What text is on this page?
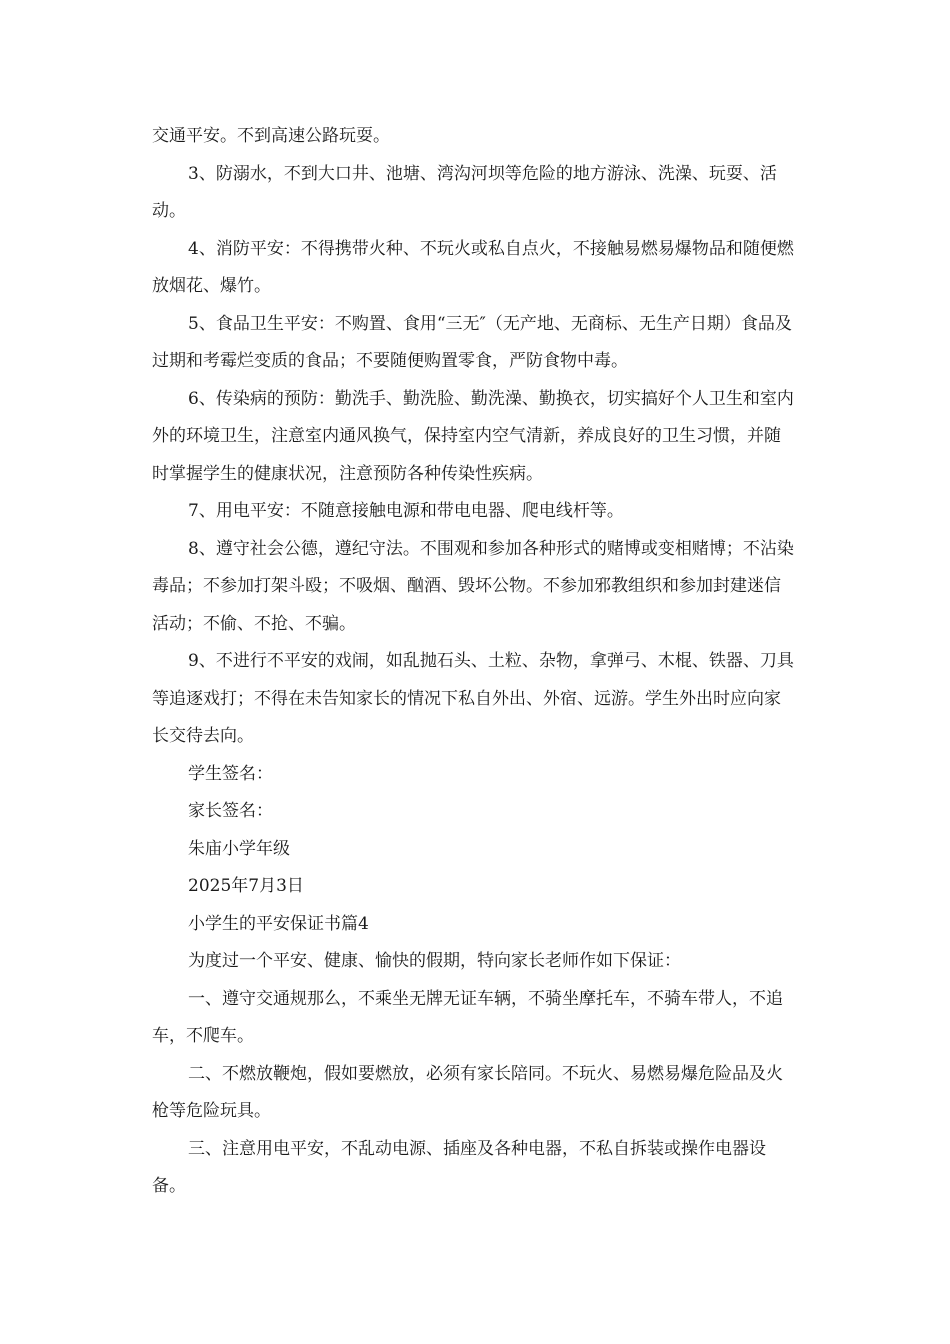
交通平安。不到高速公路玩耍。

3、防溺水，不到大口井、池塘、湾沟河坝等危险的地方游泳、洗澡、玩耍、活动。

4、消防平安：不得携带火种、不玩火或私自点火，不接触易燃易爆物品和随便燃放烟花、爆竹。

5、食品卫生平安：不购置、食用“三无″（无产地、无商标、无生产日期）食品及过期和考霉烂变质的食品；不要随便购置零食，严防食物中毒。

6、传染病的预防：勤洗手、勤洗脸、勤洗澡、勤换衣，切实搞好个人卫生和室内外的环境卫生，注意室内通风换气，保持室内空气清新，养成良好的卫生习惯，并随时掌握学生的健康状况，注意预防各种传染性疾病。

7、用电平安：不随意接触电源和带电电器、爬电线杆等。

8、遵守社会公德，遵纪守法。不围观和参加各种形式的赌博或变相赌博；不沾染毒品；不参加打架斗殴；不吸烟、酗酒、毁坏公物。不参加邪教组织和参加封建迷信活动；不偷、不抢、不骗。

9、不进行不平安的戏闹，如乱抛石头、土粒、杂物，拿弹弓、木棍、铁器、刀具等追逐戏打；不得在未告知家长的情况下私自外出、外宿、远游。学生外出时应向家长交待去向。

学生签名：

家长签名：

朱庙小学年级

2025年7月3日

小学生的平安保证书篇4

为度过一个平安、健康、愉快的假期，特向家长老师作如下保证：

一、遵守交通规那么，不乘坐无牌无证车辆，不骑坐摩托车，不骑车带人，不追车，不爬车。

二、不燃放鞭炮，假如要燃放，必须有家长陪同。不玩火、易燃易爆危险品及火枪等危险玩具。

三、注意用电平安，不乱动电源、插座及各种电器，不私自拆装或操作电器设备。
